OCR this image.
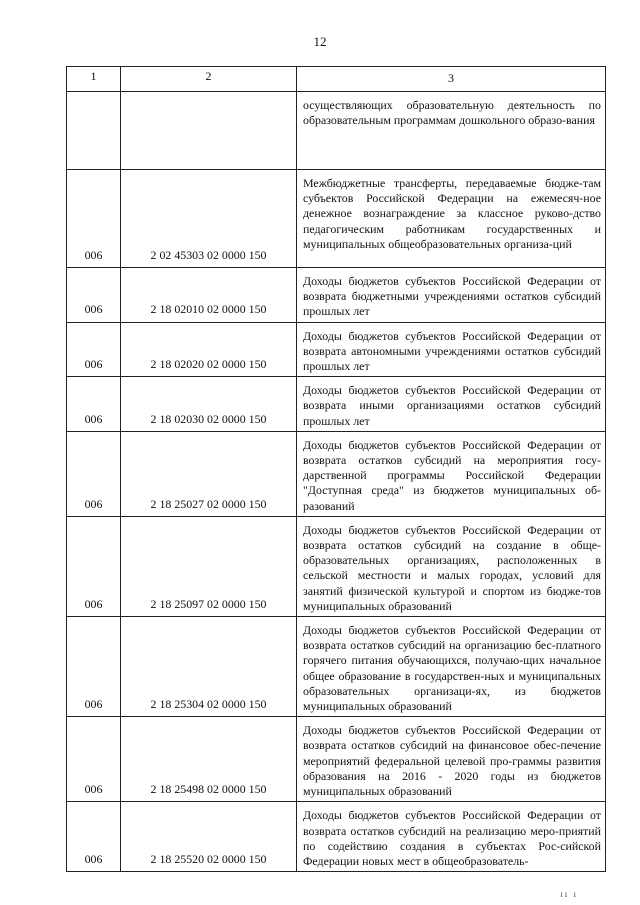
12
1	2	3
		осуществляющих образовательную деятельность по образовательным программам дошкольного образо-вания
006	2 02 45303 02 0000 150	Межбюджетные трансферты, передаваемые бюдже-там субъектов Российской Федерации на ежемесяч-ное денежное вознаграждение за классное руково-дство педагогическим работникам государственных и муниципальных общеобразовательных организа-ций
006	2 18 02010 02 0000 150	Доходы бюджетов субъектов Российской Федерации от возврата бюджетными учреждениями остатков субсидий прошлых лет
006	2 18 02020 02 0000 150	Доходы бюджетов субъектов Российской Федерации от возврата автономными учреждениями остатков субсидий прошлых лет
006	2 18 02030 02 0000 150	Доходы бюджетов субъектов Российской Федерации от возврата иными организациями остатков субсидий прошлых лет
006	2 18 25027 02 0000 150	Доходы бюджетов субъектов Российской Федерации от возврата остатков субсидий на мероприятия госу-дарственной программы Российской Федерации "Доступная среда" из бюджетов муниципальных об-разований
006	2 18 25097 02 0000 150	Доходы бюджетов субъектов Российской Федерации от возврата остатков субсидий на создание в обще-образовательных организациях, расположенных в сельской местности и малых городах, условий для занятий физической культурой и спортом из бюдже-тов муниципальных образований
006	2 18 25304 02 0000 150	Доходы бюджетов субъектов Российской Федерации от возврата остатков субсидий на организацию бес-платного горячего питания обучающихся, получаю-щих начальное общее образование в государствен-ных и муниципальных образовательных организаци-ях, из бюджетов муниципальных образований
006	2 18 25498 02 0000 150	Доходы бюджетов субъектов Российской Федерации от возврата остатков субсидий на финансовое обес-печение мероприятий федеральной целевой про-граммы развития образования на 2016 - 2020 годы из бюджетов муниципальных образований
006	2 18 25520 02 0000 150	Доходы бюджетов субъектов Российской Федерации от возврата остатков субсидий на реализацию меро-приятий по содействию создания в субъектах Рос-сийской Федерации новых мест в общеобразователь-
ıı ı
